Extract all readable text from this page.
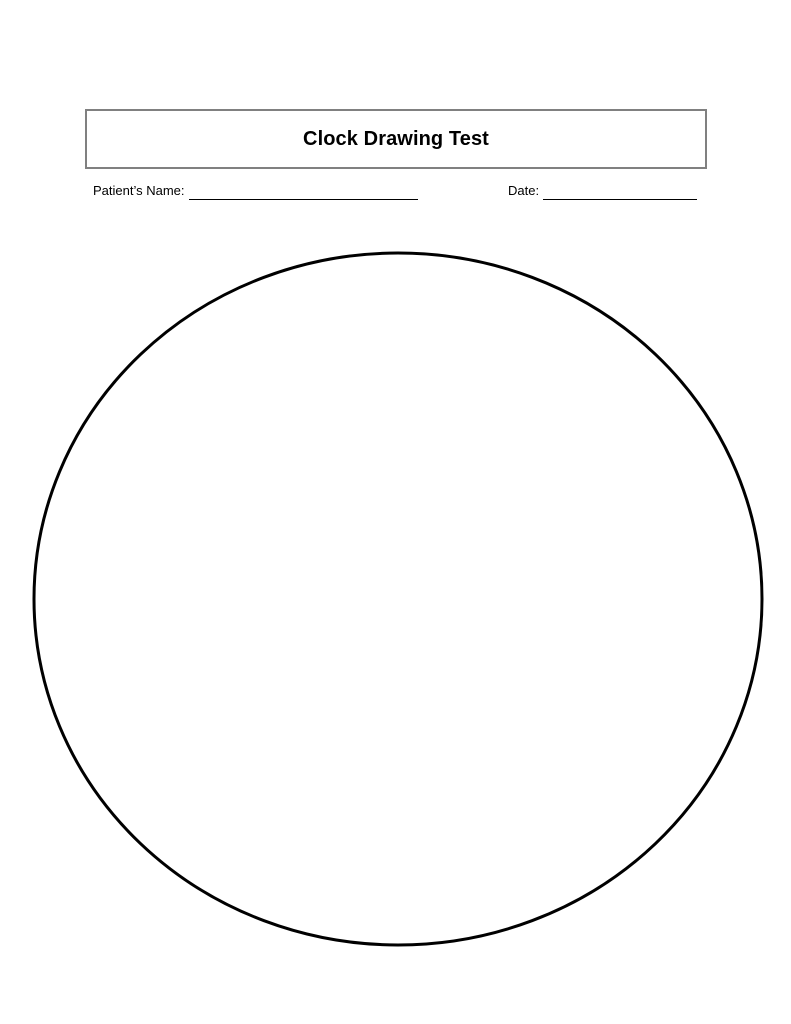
Clock Drawing Test
Patient’s Name:	Date:
